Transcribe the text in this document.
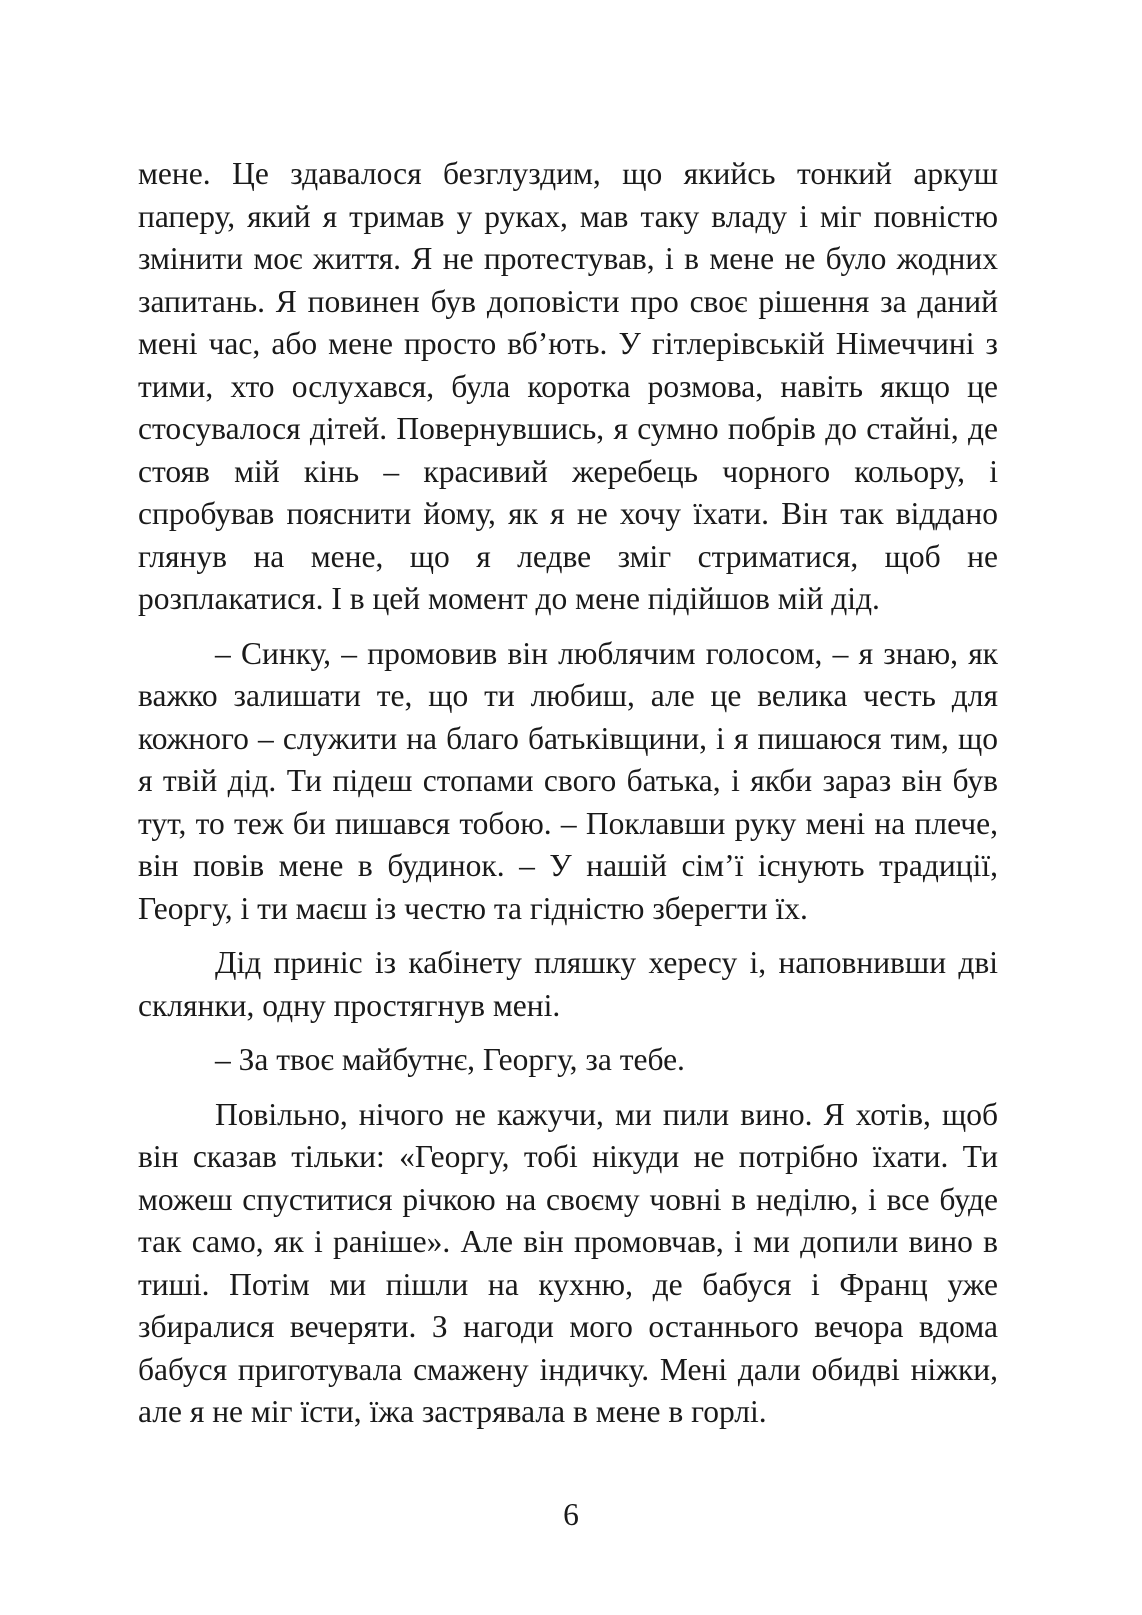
мене. Це здавалося безглуздим, що якийсь тонкий аркуш паперу, який я тримав у руках, мав таку владу і міг повністю змінити моє життя. Я не протестував, і в мене не було жодних запитань. Я повинен був доповісти про своє рішення за даний мені час, або мене просто вб’ють. У гітлерівській Німеччині з тими, хто ослухався, була коротка розмова, навіть якщо це стосувалося дітей. Повернувшись, я сумно побрів до стайні, де стояв мій кінь – красивий жеребець чорного кольору, і спробував пояснити йому, як я не хочу їхати. Він так віддано глянув на мене, що я ледве зміг стриматися, щоб не розплакатися. І в цей момент до мене підійшов мій дід.

– Синку, – промовив він люблячим голосом, – я знаю, як важко залишати те, що ти любиш, але це велика честь для кожного – служити на благо батьківщини, і я пишаюся тим, що я твій дід. Ти підеш стопами свого батька, і якби зараз він був тут, то теж би пишався тобою. – Поклавши руку мені на плече, він повів мене в будинок. – У нашій сім’ї існують традиції, Георгу, і ти маєш із честю та гідністю зберегти їх.

Дід приніс із кабінету пляшку хересу і, наповнивши дві склянки, одну простягнув мені.

– За твоє майбутнє, Георгу, за тебе.

Повільно, нічого не кажучи, ми пили вино. Я хотів, щоб він сказав тільки: «Георгу, тобі нікуди не потрібно їхати. Ти можеш спуститися річкою на своєму човні в неділю, і все буде так само, як і раніше». Але він промовчав, і ми допили вино в тиші. Потім ми пішли на кухню, де бабуся і Франц уже збиралися вечеряти. З нагоди мого останнього вечора вдома бабуся приготувала смажену індичку. Мені дали обидві ніжки, але я не міг їсти, їжа застрявала в мене в горлі.

6
